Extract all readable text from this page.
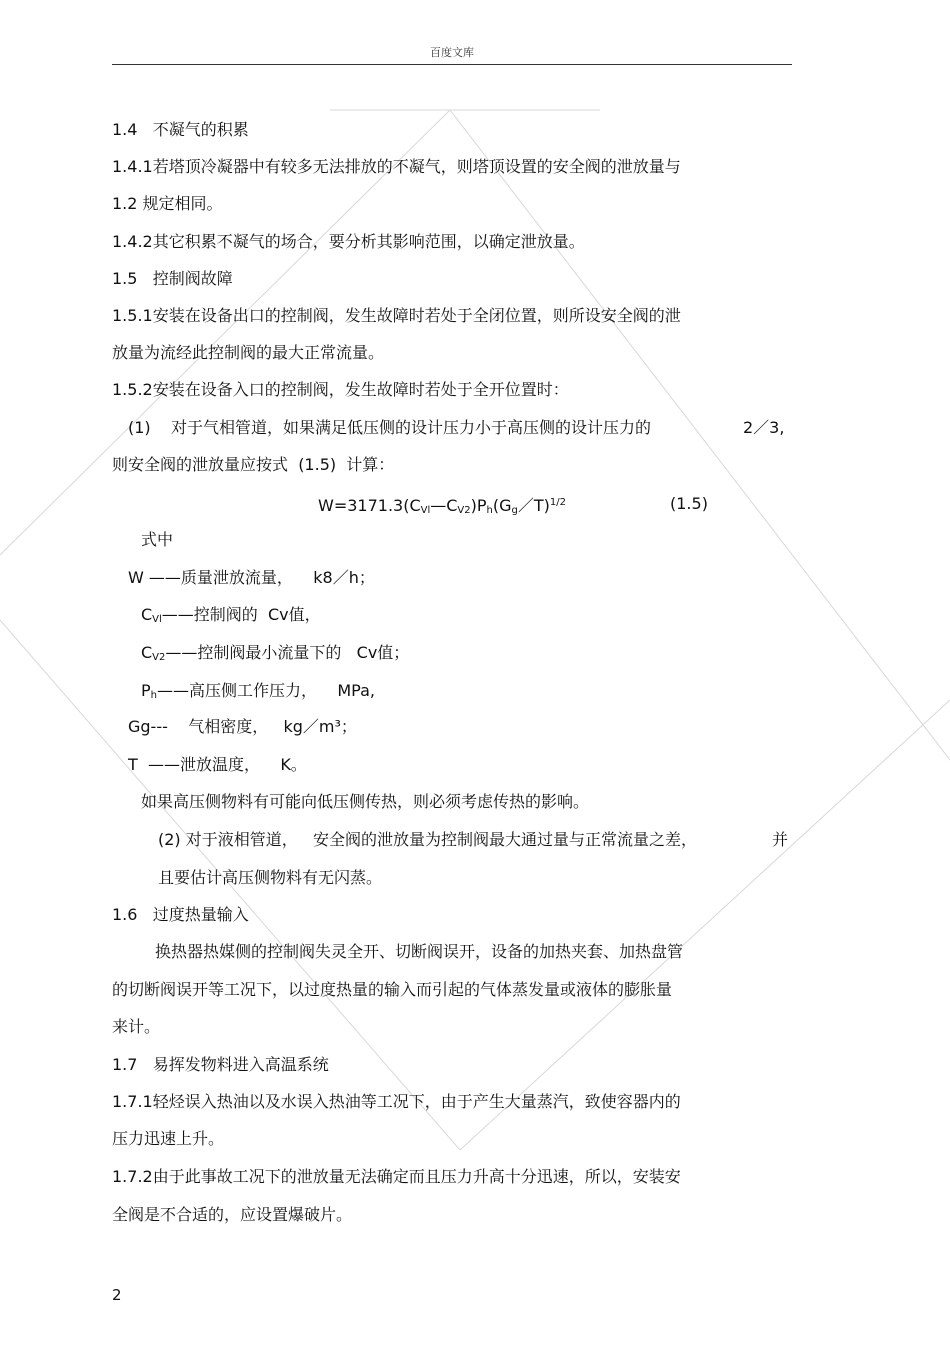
百度文库
1.4 不凝气的积累
1.4.1若塔顶冷凝器中有较多无法排放的不凝气，则塔顶设置的安全阀的泄放量与
1.2 规定相同。
1.4.2其它积累不凝气的场合，要分析其影响范围，以确定泄放量。
1.5 控制阀故障
1.5.1安装在设备出口的控制阀，发生故障时若处于全闭位置，则所设安全阀的泄
放量为流经此控制阀的最大正常流量。
1.5.2安装在设备入口的控制阀，发生故障时若处于全开位置时：
(1) 对于气相管道，如果满足低压侧的设计压力小于高压侧的设计压力的	2／3,
则安全阀的泄放量应按式 (1.5) 计算：
$W=3171.3(C_{Vl}—C_{V2})P_h(G_g/T)^{1/2}$	(1.5)
式中
W ——质量泄放流量， k8／h；
$C_{Vl}——$控制阀的 Cv值，
$C_{V2}——$控制阀最小流量下的 Cv值；
$P_h——$高压侧工作压力， MPa,
Gg--- 气相密度， kg／m³；
T ——泄放温度， K。
如果高压侧物料有可能向低压侧传热，则必须考虑传热的影响。
(2) 对于液相管道， 安全阀的泄放量为控制阀最大通过量与正常流量之差，	并
且要估计高压侧物料有无闪蒸。
1.6 过度热量输入
换热器热媒侧的控制阀失灵全开、切断阀误开，设备的加热夹套、加热盘管
的切断阀误开等工况下，以过度热量的输入而引起的气体蒸发量或液体的膨胀量
来计。
1.7 易挥发物料进入高温系统
1.7.1轻烃误入热油以及水误入热油等工况下，由于产生大量蒸汽，致使容器内的
压力迅速上升。
1.7.2由于此事故工况下的泄放量无法确定而且压力升高十分迅速，所以，安装安
全阀是不合适的，应设置爆破片。
2
